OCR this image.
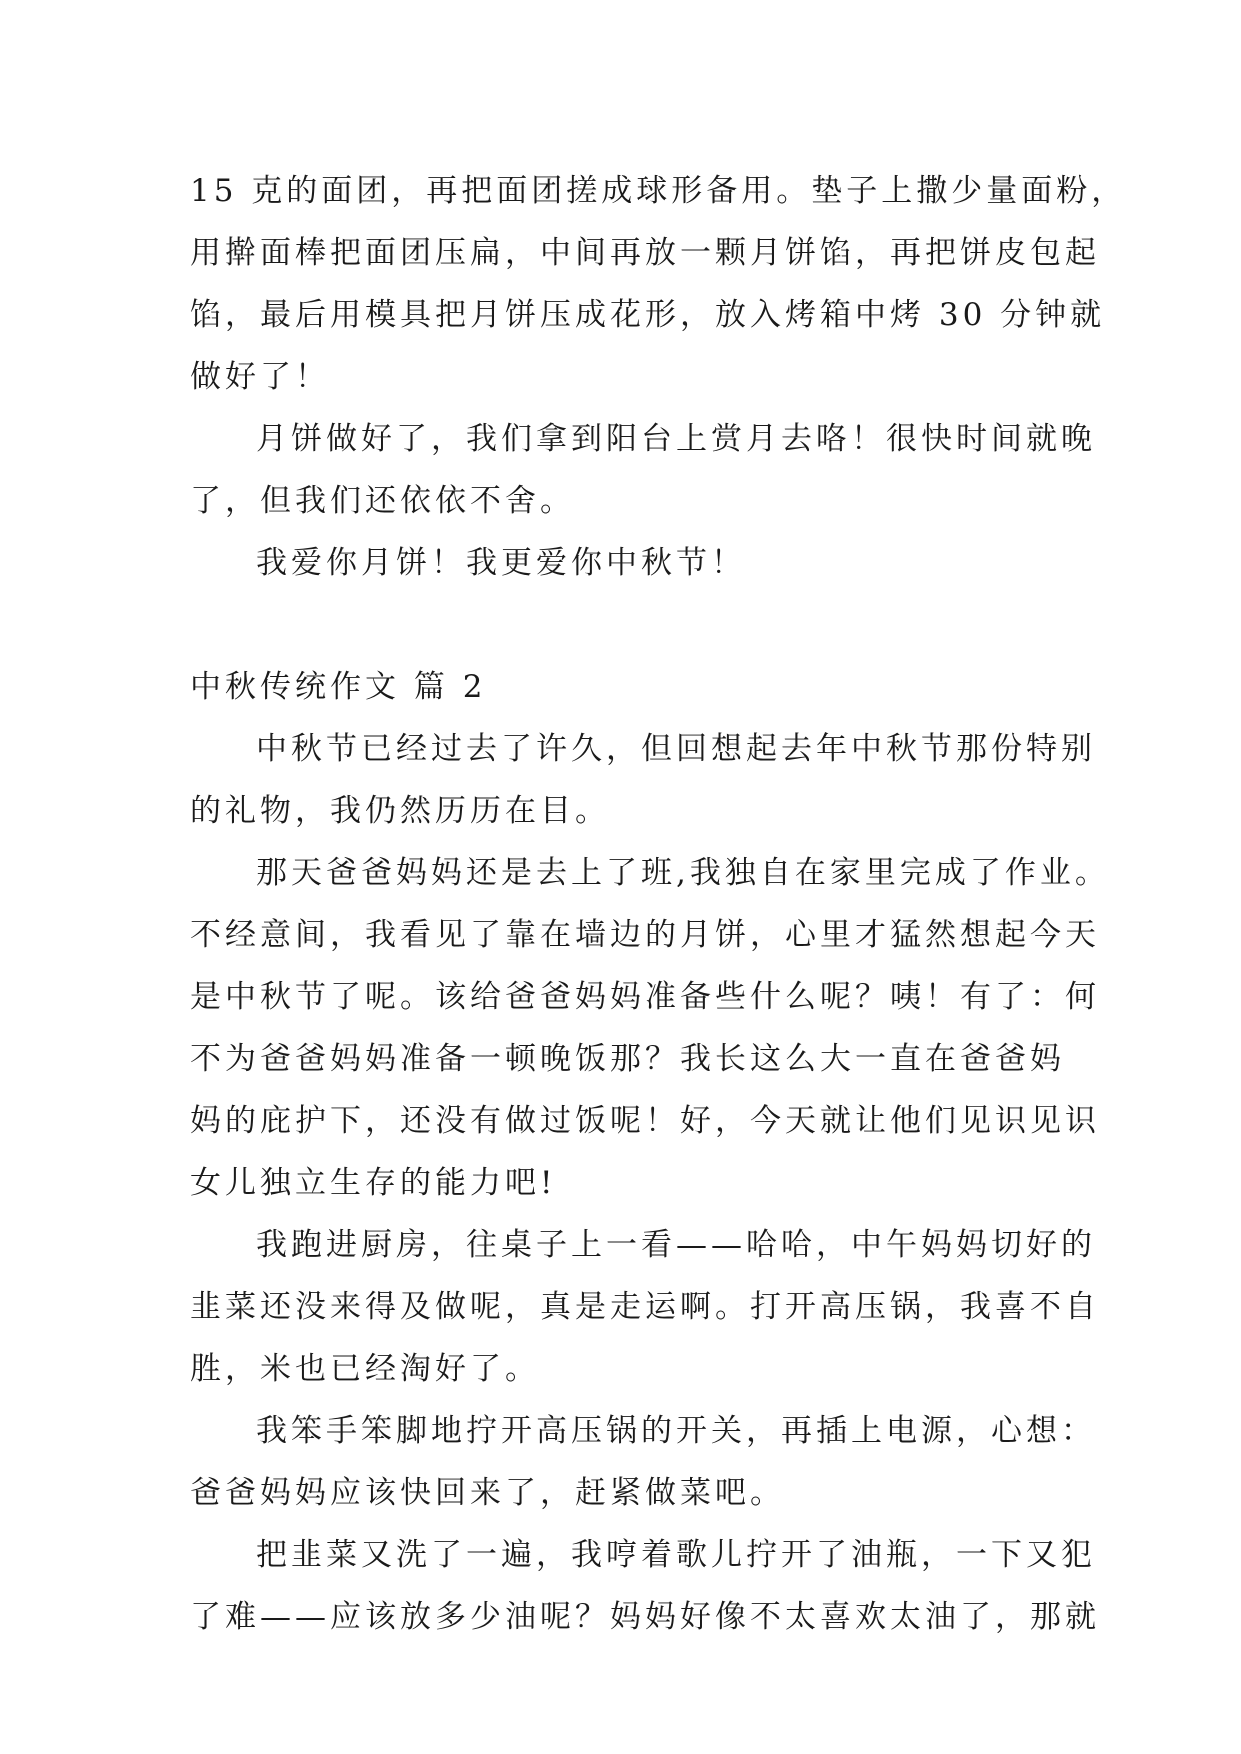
15 克的面团，再把面团搓成球形备用。垫子上撒少量面粉，
用擀面棒把面团压扁，中间再放一颗月饼馅，再把饼皮包起
馅，最后用模具把月饼压成花形，放入烤箱中烤 30 分钟就
做好了！
月饼做好了，我们拿到阳台上赏月去咯！很快时间就晚
了，但我们还依依不舍。
我爱你月饼！我更爱你中秋节！
中秋传统作文 篇 2
中秋节已经过去了许久，但回想起去年中秋节那份特别
的礼物，我仍然历历在目。
那天爸爸妈妈还是去上了班,我独自在家里完成了作业。
不经意间，我看见了靠在墙边的月饼，心里才猛然想起今天
是中秋节了呢。该给爸爸妈妈准备些什么呢？咦！有了：何
不为爸爸妈妈准备一顿晚饭那？我长这么大一直在爸爸妈
妈的庇护下，还没有做过饭呢！好，今天就让他们见识见识
女儿独立生存的能力吧!
我跑进厨房，往桌子上一看——哈哈，中午妈妈切好的
韭菜还没来得及做呢，真是走运啊。打开高压锅，我喜不自
胜，米也已经淘好了。
我笨手笨脚地拧开高压锅的开关，再插上电源，心想：
爸爸妈妈应该快回来了，赶紧做菜吧。
把韭菜又洗了一遍，我哼着歌儿拧开了油瓶，一下又犯
了难——应该放多少油呢？妈妈好像不太喜欢太油了，那就
